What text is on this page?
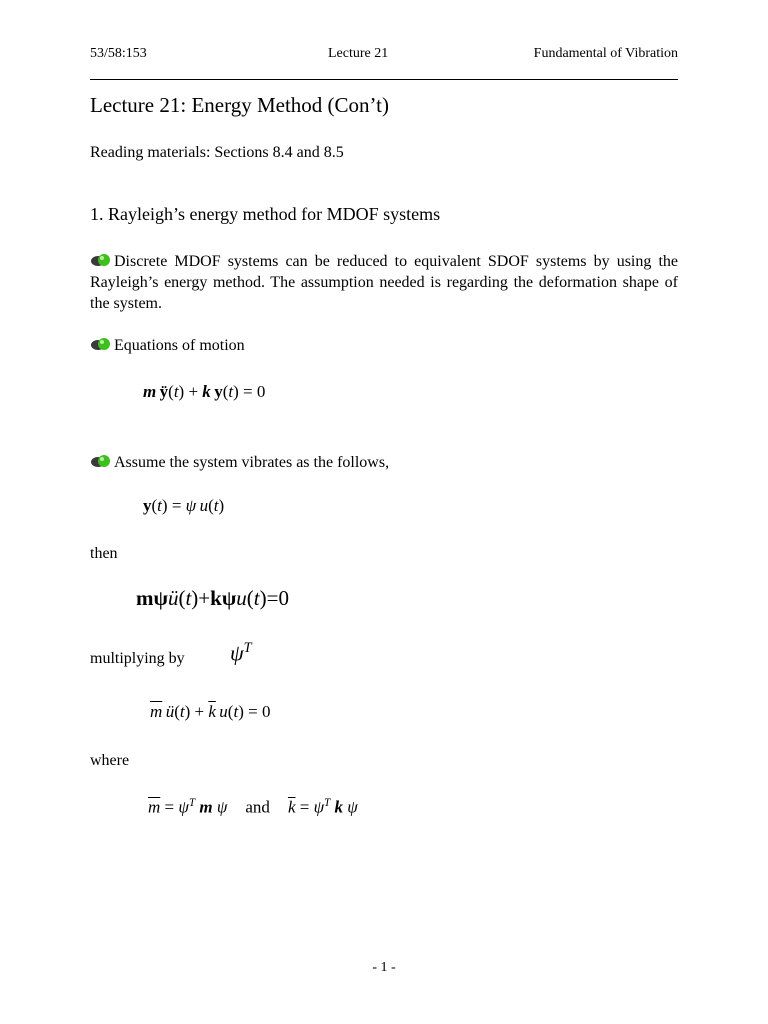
53/58:153	Lecture 21	Fundamental of Vibration
Lecture 21: Energy Method (Con’t)
Reading materials: Sections 8.4 and 8.5
1. Rayleigh’s energy method for MDOF systems
Discrete MDOF systems can be reduced to equivalent SDOF systems by using the Rayleigh’s energy method. The assumption needed is regarding the deformation shape of the system.
Equations of motion
m  ÿ(t) + k  y(t) = 0
Assume the system vibrates as the follows,
y(t) = ψ  u(t)
then
mψü(t)+kψu(t)=0
multiplying by $\psi^T$
$\overline{m}$  ü(t) + $\overline{k}$  u(t) = 0
where
$\overline{m} = \psi^T$ m ψ and $\overline{k} = \psi^T$ k ψ
- 1 -
